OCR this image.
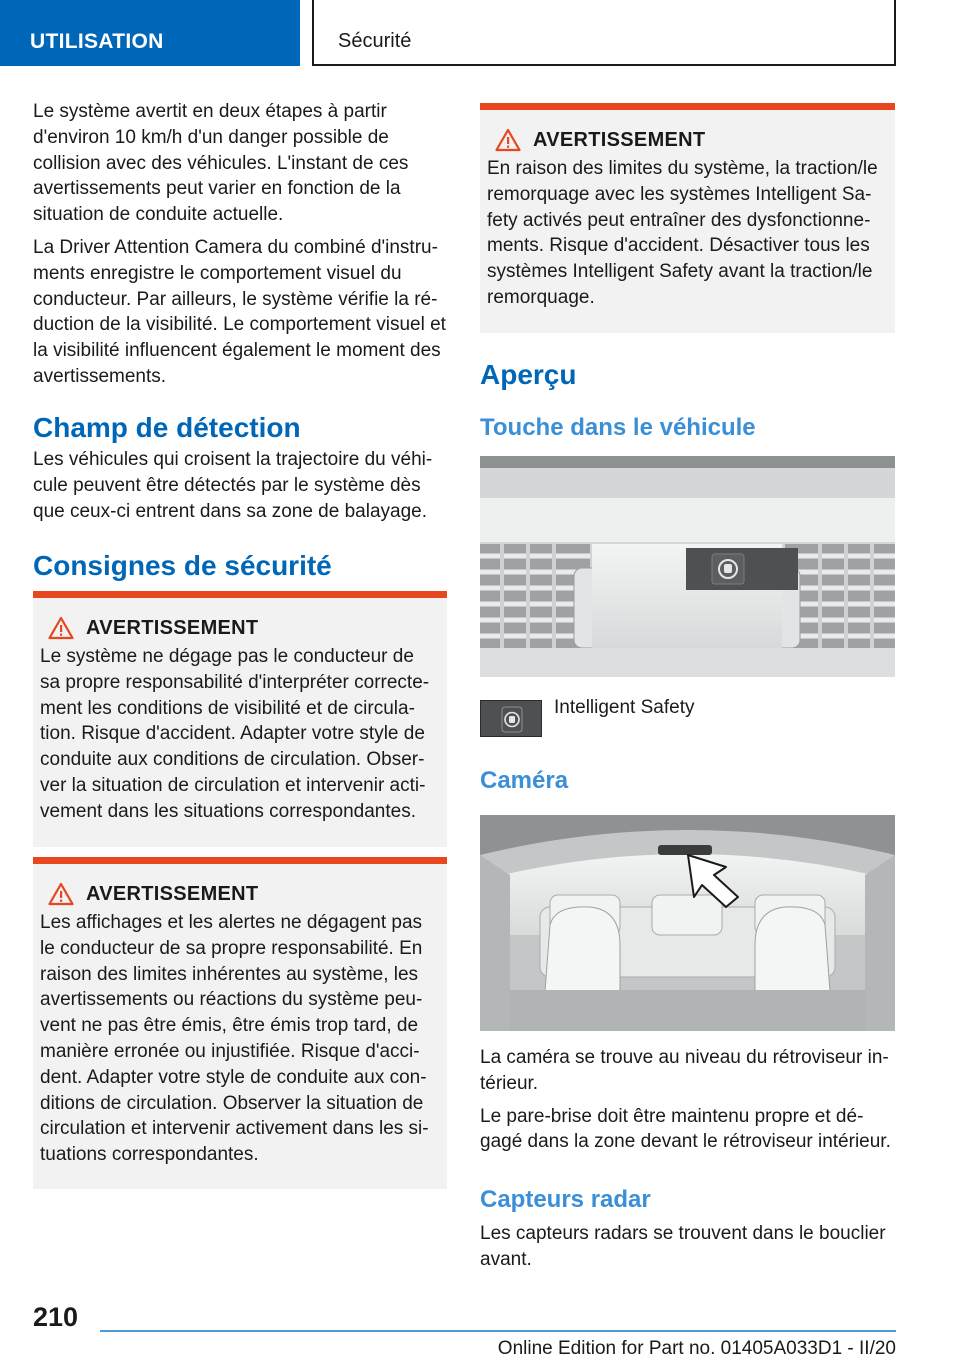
UTILISATION	Sécurité

Le système avertit en deux étapes à partir d'environ 10 km/h d'un danger possible de collision avec des véhicules. L'instant de ces avertissements peut varier en fonction de la situation de conduite actuelle.

La Driver Attention Camera du combiné d'instruments enregistre le comportement visuel du conducteur. Par ailleurs, le système vérifie la réduction de la visibilité. Le comportement visuel et la visibilité influencent également le moment des avertissements.

Champ de détection

Les véhicules qui croisent la trajectoire du véhicule peuvent être détectés par le système dès que ceux-ci entrent dans sa zone de balayage.

Consignes de sécurité
AVERTISSEMENT

Le système ne dégage pas le conducteur de sa propre responsabilité d'interpréter correctement les conditions de visibilité et de circulation. Risque d'accident. Adapter votre style de conduite aux conditions de circulation. Observer la situation de circulation et intervenir activement dans les situations correspondantes.

AVERTISSEMENT

Les affichages et les alertes ne dégagent pas le conducteur de sa propre responsabilité. En raison des limites inhérentes au système, les avertissements ou réactions du système peuvent ne pas être émis, être émis trop tard, de manière erronée ou injustifiée. Risque d'accident. Adapter votre style de conduite aux conditions de circulation. Observer la situation de circulation et intervenir activement dans les situations correspondantes.

AVERTISSEMENT

En raison des limites du système, la traction/le remorquage avec les systèmes Intelligent Safety activés peut entraîner des dysfonctionnements. Risque d'accident. Désactiver tous les systèmes Intelligent Safety avant la traction/le remorquage.

Aperçu
Touche dans le véhicule

Intelligent Safety

Caméra

La caméra se trouve au niveau du rétroviseur intérieur.

Le pare-brise doit être maintenu propre et dégagé dans la zone devant le rétroviseur intérieur.

Capteurs radar

Les capteurs radars se trouvent dans le bouclier avant.

210
Online Edition for Part no. 01405A033D1 - II/20
